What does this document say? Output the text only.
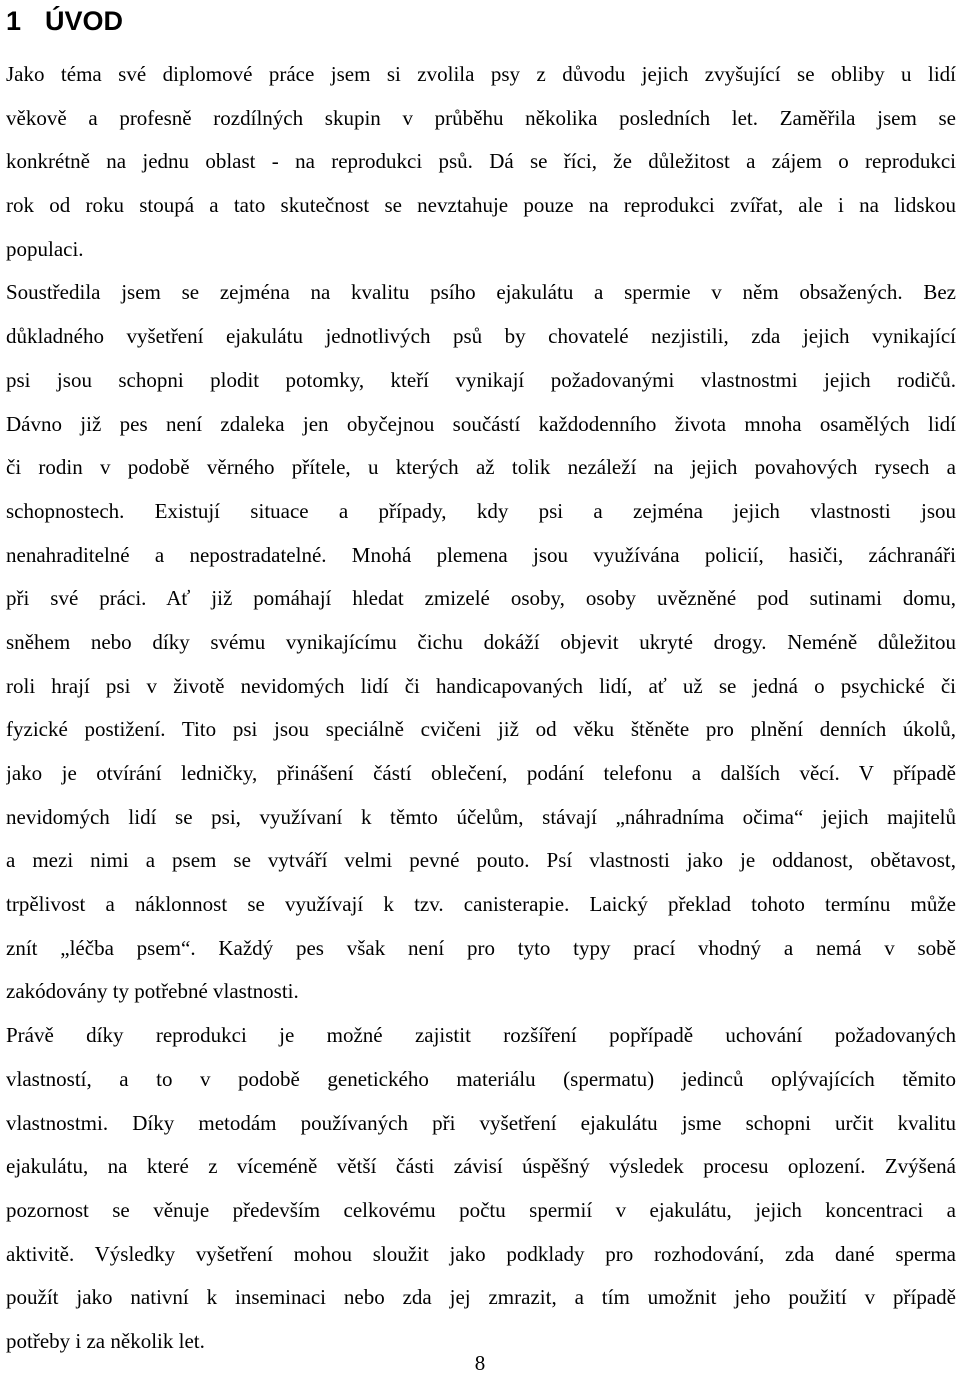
1 ÚVOD
Jako téma své diplomové práce jsem si zvolila psy z důvodu jejich zvyšující se obliby u lidí
věkově a profesně rozdílných skupin v průběhu několika posledních let. Zaměřila jsem se
konkrétně na jednu oblast - na reprodukci psů. Dá se říci, že důležitost a zájem o reprodukci
rok od roku stoupá a tato skutečnost se nevztahuje pouze na reprodukci zvířat, ale i na lidskou
populaci.
Soustředila jsem se zejména na kvalitu psího ejakulátu a spermie v něm obsažených. Bez
důkladného vyšetření ejakulátu jednotlivých psů by chovatelé nezjistili, zda jejich vynikající
psi jsou schopni plodit potomky, kteří vynikají požadovanými vlastnostmi jejich rodičů.
Dávno již pes není zdaleka jen obyčejnou součástí každodenního života mnoha osamělých lidí
či rodin v podobě věrného přítele, u kterých až tolik nezáleží na jejich povahových rysech a
schopnostech. Existují situace a případy, kdy psi a zejména jejich vlastnosti jsou
nenahraditelné a nepostradatelné. Mnohá plemena jsou využívána policií, hasiči, záchranáři
při své práci. Ať již pomáhají hledat zmizelé osoby, osoby uvězněné pod sutinami domu,
sněhem nebo díky svému vynikajícímu čichu dokáží objevit ukryté drogy. Neméně důležitou
roli hrají psi v životě nevidomých lidí či handicapovaných lidí, ať už se jedná o psychické či
fyzické postižení. Tito psi jsou speciálně cvičeni již od věku štěněte pro plnění denních úkolů,
jako je otvírání ledničky, přinášení částí oblečení, podání telefonu a dalších věcí. V případě
nevidomých lidí se psi, využívaní k těmto účelům, stávají „náhradníma očima“ jejich majitelů
a mezi nimi a psem se vytváří velmi pevné pouto. Psí vlastnosti jako je oddanost, obětavost,
trpělivost a náklonnost se využívají k tzv. canisterapie. Laický překlad tohoto termínu může
znít „léčba psem“. Každý pes však není pro tyto typy prací vhodný a nemá v sobě
zakódovány ty potřebné vlastnosti.
Právě díky reprodukci je možné zajistit rozšíření popřípadě uchování požadovaných
vlastností, a to v podobě genetického materiálu (spermatu) jedinců oplývajících těmito
vlastnostmi. Díky metodám používaných při vyšetření ejakulátu jsme schopni určit kvalitu
ejakulátu, na které z víceméně větší části závisí úspěšný výsledek procesu oplození. Zvýšená
pozornost se věnuje především celkovému počtu spermií v ejakulátu, jejich koncentraci a
aktivitě. Výsledky vyšetření mohou sloužit jako podklady pro rozhodování, zda dané sperma
použít jako nativní k inseminaci nebo zda jej zmrazit, a tím umožnit jeho použití v případě
potřeby i za několik let.
8
